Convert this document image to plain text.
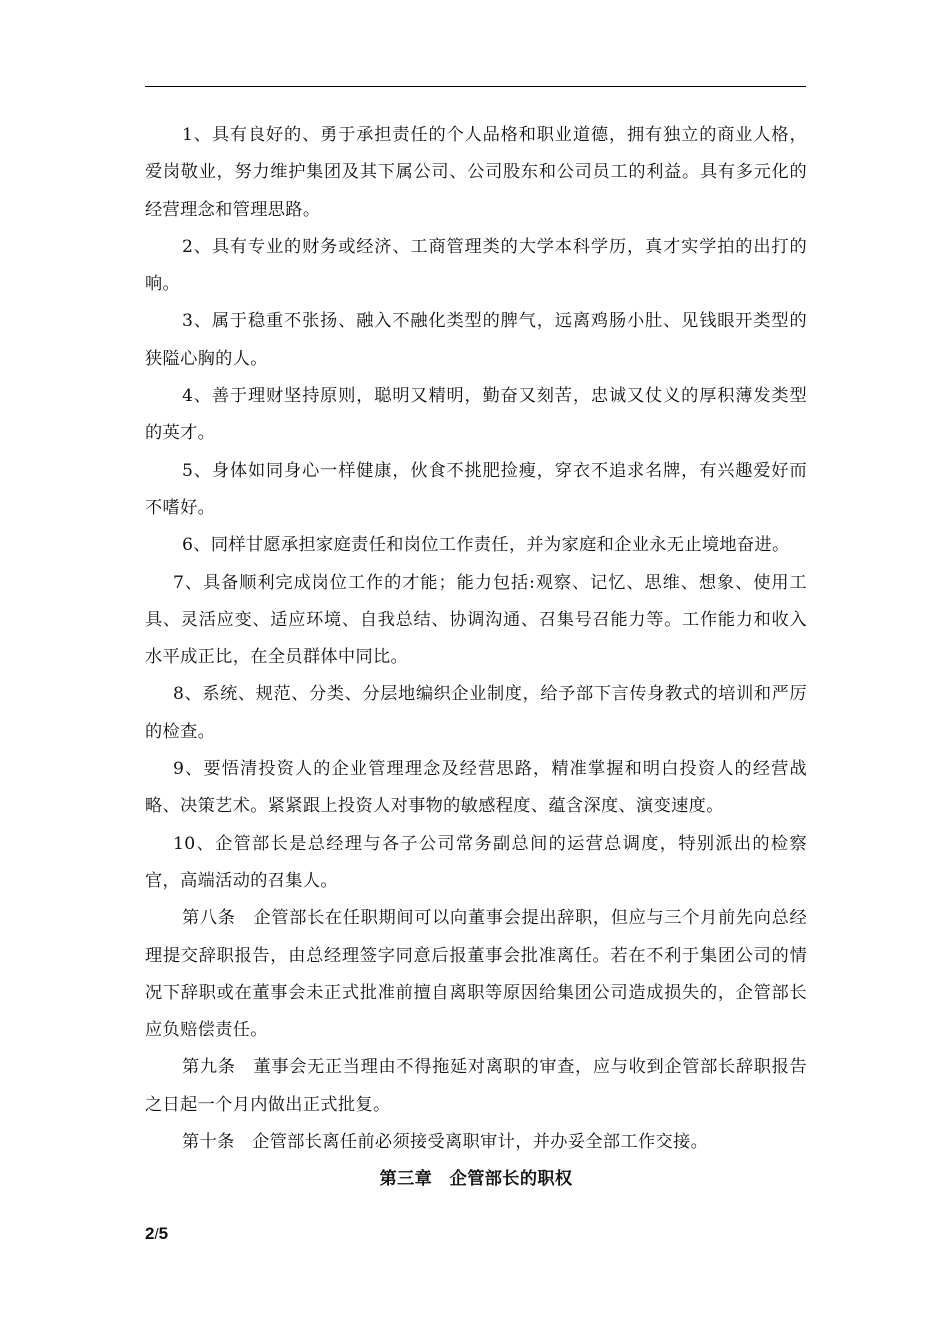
1、具有良好的、勇于承担责任的个人品格和职业道德，拥有独立的商业人格，爱岗敬业，努力维护集团及其下属公司、公司股东和公司员工的利益。具有多元化的经营理念和管理思路。

2、具有专业的财务或经济、工商管理类的大学本科学历，真才实学拍的出打的响。

3、属于稳重不张扬、融入不融化类型的脾气，远离鸡肠小肚、见钱眼开类型的狭隘心胸的人。

4、善于理财坚持原则，聪明又精明，勤奋又刻苦，忠诚又仗义的厚积薄发类型的英才。

5、身体如同身心一样健康，伙食不挑肥捡瘦，穿衣不追求名牌，有兴趣爱好而不嗜好。

6、同样甘愿承担家庭责任和岗位工作责任，并为家庭和企业永无止境地奋进。

7、具备顺利完成岗位工作的才能；能力包括:观察、记忆、思维、想象、使用工具、灵活应变、适应环境、自我总结、协调沟通、召集号召能力等。工作能力和收入水平成正比，在全员群体中同比。

8、系统、规范、分类、分层地编织企业制度，给予部下言传身教式的培训和严厉的检查。

9、要悟清投资人的企业管理理念及经营思路，精准掌握和明白投资人的经营战略、决策艺术。紧紧跟上投资人对事物的敏感程度、蕴含深度、演变速度。

10、企管部长是总经理与各子公司常务副总间的运营总调度，特别派出的检察官，高端活动的召集人。

第八条　企管部长在任职期间可以向董事会提出辞职，但应与三个月前先向总经理提交辞职报告，由总经理签字同意后报董事会批准离任。若在不利于集团公司的情况下辞职或在董事会未正式批准前擅自离职等原因给集团公司造成损失的，企管部长应负赔偿责任。

第九条　董事会无正当理由不得拖延对离职的审查，应与收到企管部长辞职报告之日起一个月内做出正式批复。

第十条　企管部长离任前必须接受离职审计，并办妥全部工作交接。

第三章　企管部长的职权

2/5
